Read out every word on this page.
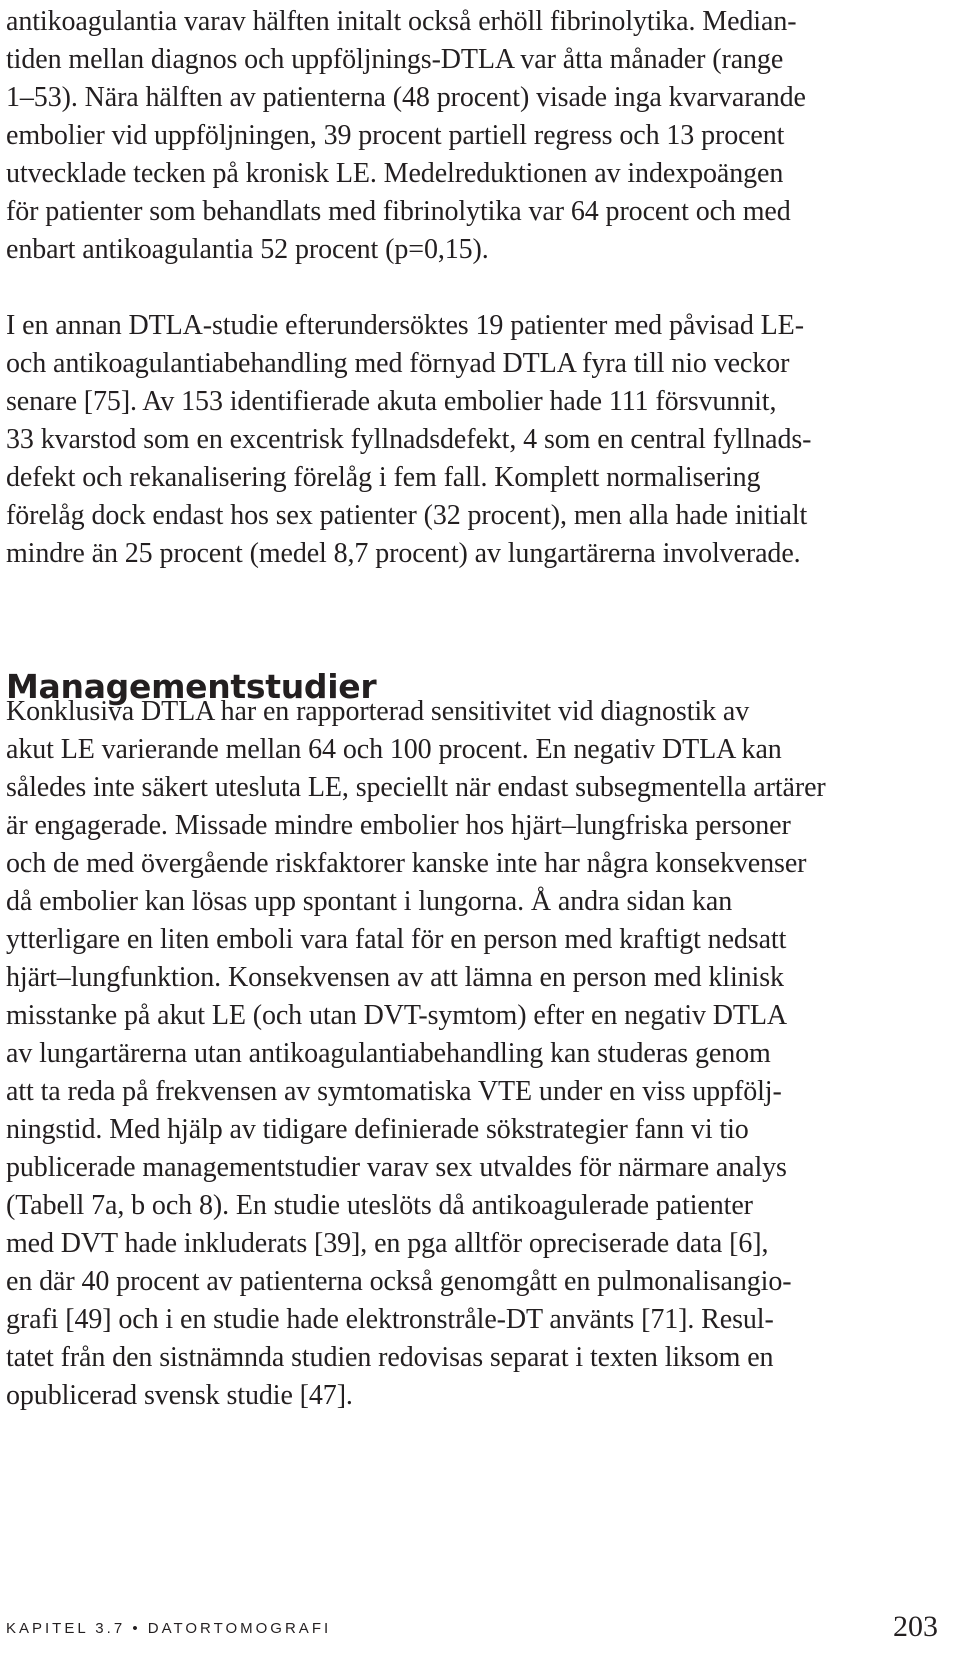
antikoagulantia varav hälften initalt också erhöll fibrinolytika. Median-
tiden mellan diagnos och uppföljnings-DTLA var åtta månader (range
1–53). Nära hälften av patienterna (48 procent) visade inga kvarvarande
embolier vid uppföljningen, 39 procent partiell regress och 13 procent
utvecklade tecken på kronisk LE. Medelreduktionen av indexpoängen
för patienter som behandlats med fibrinolytika var 64 procent och med
enbart antikoagulantia 52 procent (p=0,15).
I en annan DTLA-studie efterundersöktes 19 patienter med påvisad LE-
och antikoagulantiabehandling med förnyad DTLA fyra till nio veckor
senare [75]. Av 153 identifierade akuta embolier hade 111 försvunnit,
33 kvarstod som en excentrisk fyllnadsdefekt, 4 som en central fyllnads-
defekt och rekanalisering förelåg i fem fall. Komplett normalisering
förelåg dock endast hos sex patienter (32 procent), men alla hade initialt
mindre än 25 procent (medel 8,7 procent) av lungartärerna involverade.
Managementstudier
Konklusiva DTLA har en rapporterad sensitivitet vid diagnostik av
akut LE varierande mellan 64 och 100 procent. En negativ DTLA kan
således inte säkert utesluta LE, speciellt när endast subsegmentella artärer
är engagerade. Missade mindre embolier hos hjärt–lungfriska personer
och de med övergående riskfaktorer kanske inte har några konsekvenser
då embolier kan lösas upp spontant i lungorna. Å andra sidan kan
ytterligare en liten emboli vara fatal för en person med kraftigt nedsatt
hjärt–lungfunktion. Konsekvensen av att lämna en person med klinisk
misstanke på akut LE (och utan DVT-symtom) efter en negativ DTLA
av lungartärerna utan antikoagulantiabehandling kan studeras genom
att ta reda på frekvensen av symtomatiska VTE under en viss uppfölj-
ningstid. Med hjälp av tidigare definierade sökstrategier fann vi tio
publicerade managementstudier varav sex utvaldes för närmare analys
(Tabell 7a, b och 8). En studie uteslöts då antikoagulerade patienter
med DVT hade inkluderats [39], en pga alltför opreciserade data [6],
en där 40 procent av patienterna också genomgått en pulmonalisangio-
grafi [49] och i en studie hade elektronstråle-DT använts [71]. Resul-
tatet från den sistnämnda studien redovisas separat i texten liksom en
opublicerad svensk studie [47].
KAPITEL 3.7 • DATORTOMOGRAFI	203
